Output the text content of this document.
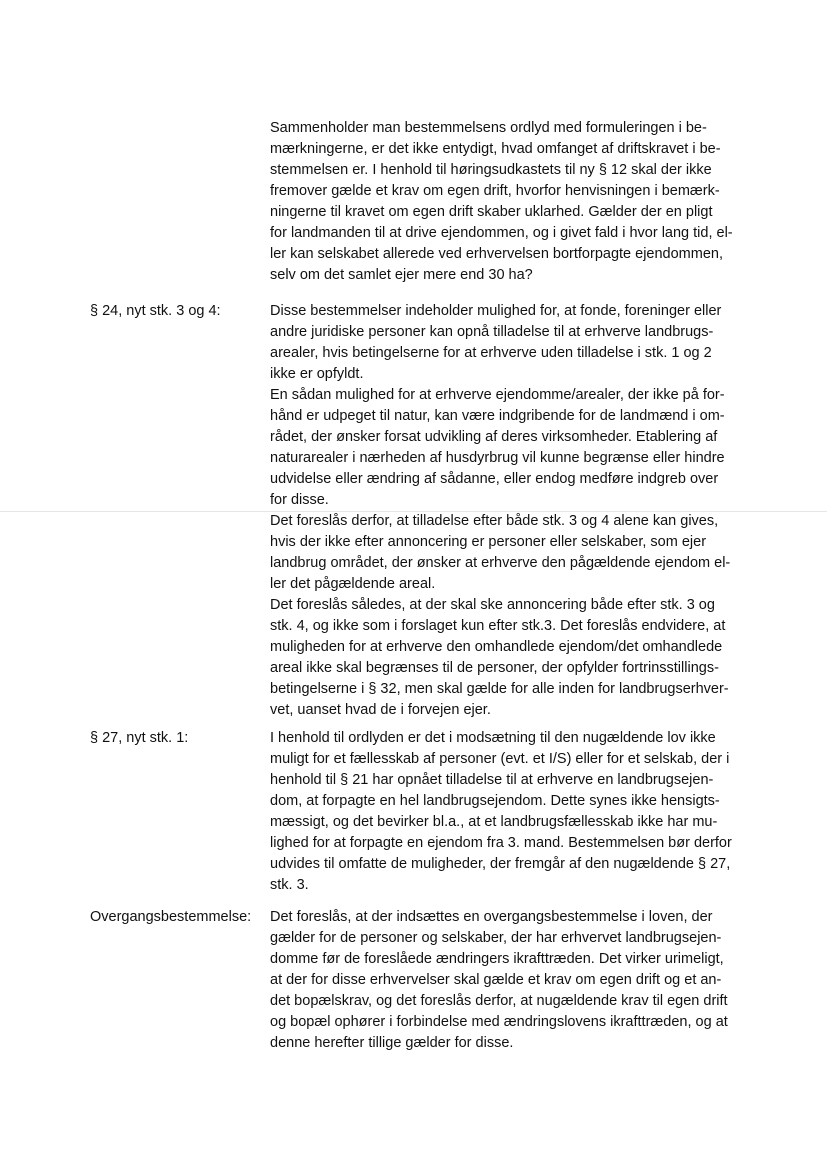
Sammenholder man bestemmelsens ordlyd med formuleringen i be-
mærkningerne, er det ikke entydigt, hvad omfanget af driftskravet i be-
stemmelsen er. I henhold til høringsudkastets til ny § 12 skal der ikke
fremover gælde et krav om egen drift, hvorfor henvisningen i bemærk-
ningerne til kravet om egen drift skaber uklarhed. Gælder der en pligt
for landmanden til at drive ejendommen, og i givet fald i hvor lang tid, el-
ler kan selskabet allerede ved erhvervelsen bortforpagte ejendommen,
selv om det samlet ejer mere end 30 ha?
§ 24, nyt stk. 3 og 4:	Disse bestemmelser indeholder mulighed for, at fonde, foreninger eller
andre juridiske personer kan opnå tilladelse til at erhverve landbrugs-
arealer, hvis betingelserne for at erhverve uden tilladelse i stk. 1 og 2
ikke er opfyldt.
En sådan mulighed for at erhverve ejendomme/arealer, der ikke på for-
hånd er udpeget til natur, kan være indgribende for de landmænd i om-
rådet, der ønsker forsat udvikling af deres virksomheder. Etablering af
naturarealer i nærheden af husdyrbrug vil kunne begrænse eller hindre
udvidelse eller ændring af sådanne, eller endog medføre indgreb over
for disse.
Det foreslås derfor, at tilladelse efter både stk. 3 og 4 alene kan gives,
hvis der ikke efter annoncering er personer eller selskaber, som ejer
landbrug området, der ønsker at erhverve den pågældende ejendom el-
ler det pågældende areal.
Det foreslås således, at der skal ske annoncering både efter stk. 3 og
stk. 4, og ikke som i forslaget kun efter stk.3. Det foreslås endvidere, at
muligheden for at erhverve den omhandlede ejendom/det omhandlede
areal ikke skal begrænses til de personer, der opfylder fortrinsstillings-
betingelserne i § 32, men skal gælde for alle inden for landbrugserhver-
vet, uanset hvad de i forvejen ejer.
§ 27, nyt stk. 1:	I henhold til ordlyden er det i modsætning til den nugældende lov ikke
muligt for et fællesskab af personer (evt. et I/S) eller for et selskab, der i
henhold til § 21 har opnået tilladelse til at erhverve en landbrugsejen-
dom, at forpagte en hel landbrugsejendom. Dette synes ikke hensigts-
mæssigt, og det bevirker bl.a., at et landbrugsfællesskab ikke har mu-
lighed for at forpagte en ejendom fra 3. mand. Bestemmelsen bør derfor
udvides til omfatte de muligheder, der fremgår af den nugældende § 27,
stk. 3.
Overgangsbestemmelse: Det foreslås, at der indsættes en overgangsbestemmelse i loven, der
gælder for de personer og selskaber, der har erhvervet landbrugsejen-
domme før de foreslåede ændringers ikrafttræden. Det virker urimeligt,
at der for disse erhvervelser skal gælde et krav om egen drift og et an-
det bopælskrav, og det foreslås derfor, at nugældende krav til egen drift
og bopæl ophører i forbindelse med ændringslovens ikrafttræden, og at
denne herefter tillige gælder for disse.
